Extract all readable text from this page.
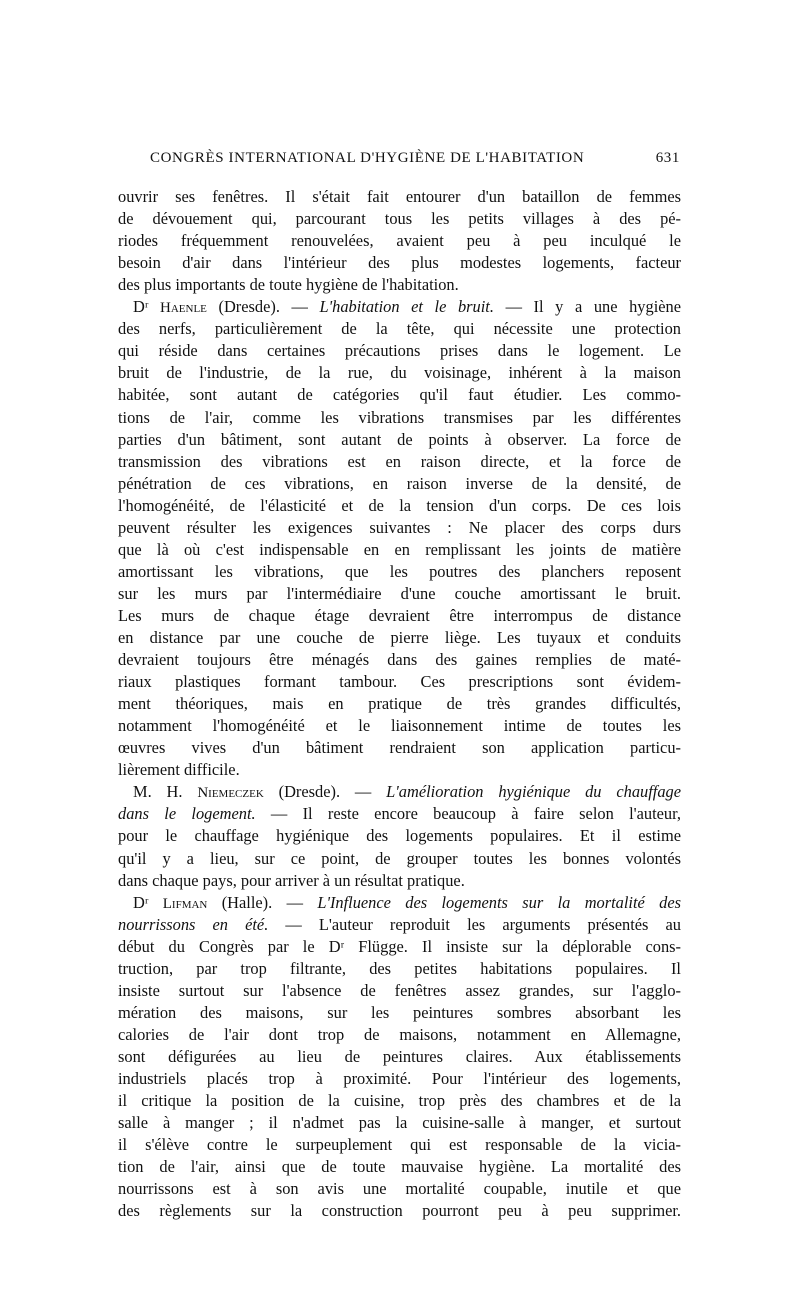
CONGRÈS INTERNATIONAL D'HYGIÈNE DE L'HABITATION	631
ouvrir ses fenêtres. Il s'était fait entourer d'un bataillon de femmes
de dévouement qui, parcourant tous les petits villages à des pé-
riodes fréquemment renouvelées, avaient peu à peu inculqué le
besoin d'air dans l'intérieur des plus modestes logements, facteur
des plus importants de toute hygiène de l'habitation.
Dʳ Haenle (Dresde). — L'habitation et le bruit. — Il y a une hygiène
des nerfs, particulièrement de la tête, qui nécessite une protection
qui réside dans certaines précautions prises dans le logement. Le
bruit de l'industrie, de la rue, du voisinage, inhérent à la maison
habitée, sont autant de catégories qu'il faut étudier. Les commo-
tions de l'air, comme les vibrations transmises par les différentes
parties d'un bâtiment, sont autant de points à observer. La force de
transmission des vibrations est en raison directe, et la force de
pénétration de ces vibrations, en raison inverse de la densité, de
l'homogénéité, de l'élasticité et de la tension d'un corps. De ces lois
peuvent résulter les exigences suivantes : Ne placer des corps durs
que là où c'est indispensable en en remplissant les joints de matière
amortissant les vibrations, que les poutres des planchers reposent
sur les murs par l'intermédiaire d'une couche amortissant le bruit.
Les murs de chaque étage devraient être interrompus de distance
en distance par une couche de pierre liège. Les tuyaux et conduits
devraient toujours être ménagés dans des gaines remplies de maté-
riaux plastiques formant tambour. Ces prescriptions sont évidem-
ment théoriques, mais en pratique de très grandes difficultés,
notamment l'homogénéité et le liaisonnement intime de toutes les
œuvres vives d'un bâtiment rendraient son application particu-
lièrement difficile.
M. H. Niemeczek (Dresde). — L'amélioration hygiénique du chauffage
dans le logement. — Il reste encore beaucoup à faire selon l'auteur,
pour le chauffage hygiénique des logements populaires. Et il estime
qu'il y a lieu, sur ce point, de grouper toutes les bonnes volontés
dans chaque pays, pour arriver à un résultat pratique.
Dʳ Lifman (Halle). — L'Influence des logements sur la mortalité des
nourrissons en été. — L'auteur reproduit les arguments présentés au
début du Congrès par le Dʳ Flügge. Il insiste sur la déplorable cons-
truction, par trop filtrante, des petites habitations populaires. Il
insiste surtout sur l'absence de fenêtres assez grandes, sur l'agglo-
mération des maisons, sur les peintures sombres absorbant les
calories de l'air dont trop de maisons, notamment en Allemagne,
sont défigurées au lieu de peintures claires. Aux établissements
industriels placés trop à proximité. Pour l'intérieur des logements,
il critique la position de la cuisine, trop près des chambres et de la
salle à manger ; il n'admet pas la cuisine-salle à manger, et surtout
il s'élève contre le surpeuplement qui est responsable de la vicia-
tion de l'air, ainsi que de toute mauvaise hygiène. La mortalité des
nourrissons est à son avis une mortalité coupable, inutile et que
des règlements sur la construction pourront peu à peu supprimer.
